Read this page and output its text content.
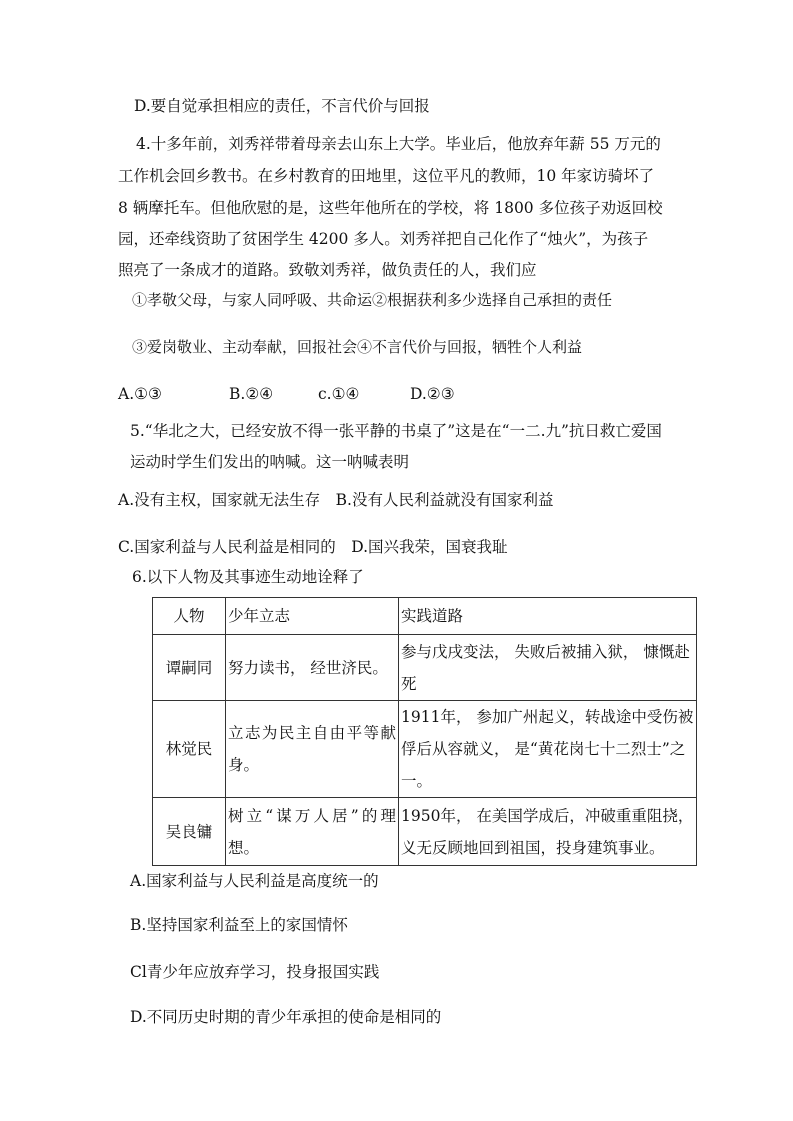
D.要自觉承担相应的责任，不言代价与回报
4.十多年前，刘秀祥带着母亲去山东上大学。毕业后，他放弃年薪 55 万元的
工作机会回乡教书。在乡村教育的田地里，这位平凡的教师，10 年家访骑坏了
8 辆摩托车。但他欣慰的是，这些年他所在的学校，将 1800 多位孩子劝返回校
园，还牵线资助了贫困学生 4200 多人。刘秀祥把自己化作了“烛火”，为孩子
照亮了一条成才的道路。致敬刘秀祥，做负责任的人，我们应
①孝敬父母，与家人同呼吸、共命运②根据获利多少选择自己承担的责任
③爱岗敬业、主动奉献，回报社会④不言代价与回报，牺牲个人利益
A.①③	B.②④	c.①④	D.②③
5.“华北之大，已经安放不得一张平静的书桌了”这是在“一二.九”抗日救亡爱国
运动时学生们发出的呐喊。这一呐喊表明
A.没有主权，国家就无法生存　B.没有人民利益就没有国家利益
C.国家利益与人民利益是相同的　D.国兴我荣，国衰我耻
6.以下人物及其事迹生动地诠释了
人物	少年立志	实践道路
谭嗣同	努力读书， 经世济民。	参与戊戌变法， 失败后被捕入狱， 慷慨赴死
林觉民	立志为民主自由平等献身。	1911年， 参加广州起义，转战途中受伤被俘后从容就义， 是“黄花岗七十二烈士”之一。
吴良镛	树立“谋万人居”的理想。	1950年， 在美国学成后，冲破重重阻挠，义无反顾地回到祖国，投身建筑事业。
A.国家利益与人民利益是高度统一的
B.坚持国家利益至上的家国情怀
Cl青少年应放弃学习，投身报国实践
D.不同历史时期的青少年承担的使命是相同的
